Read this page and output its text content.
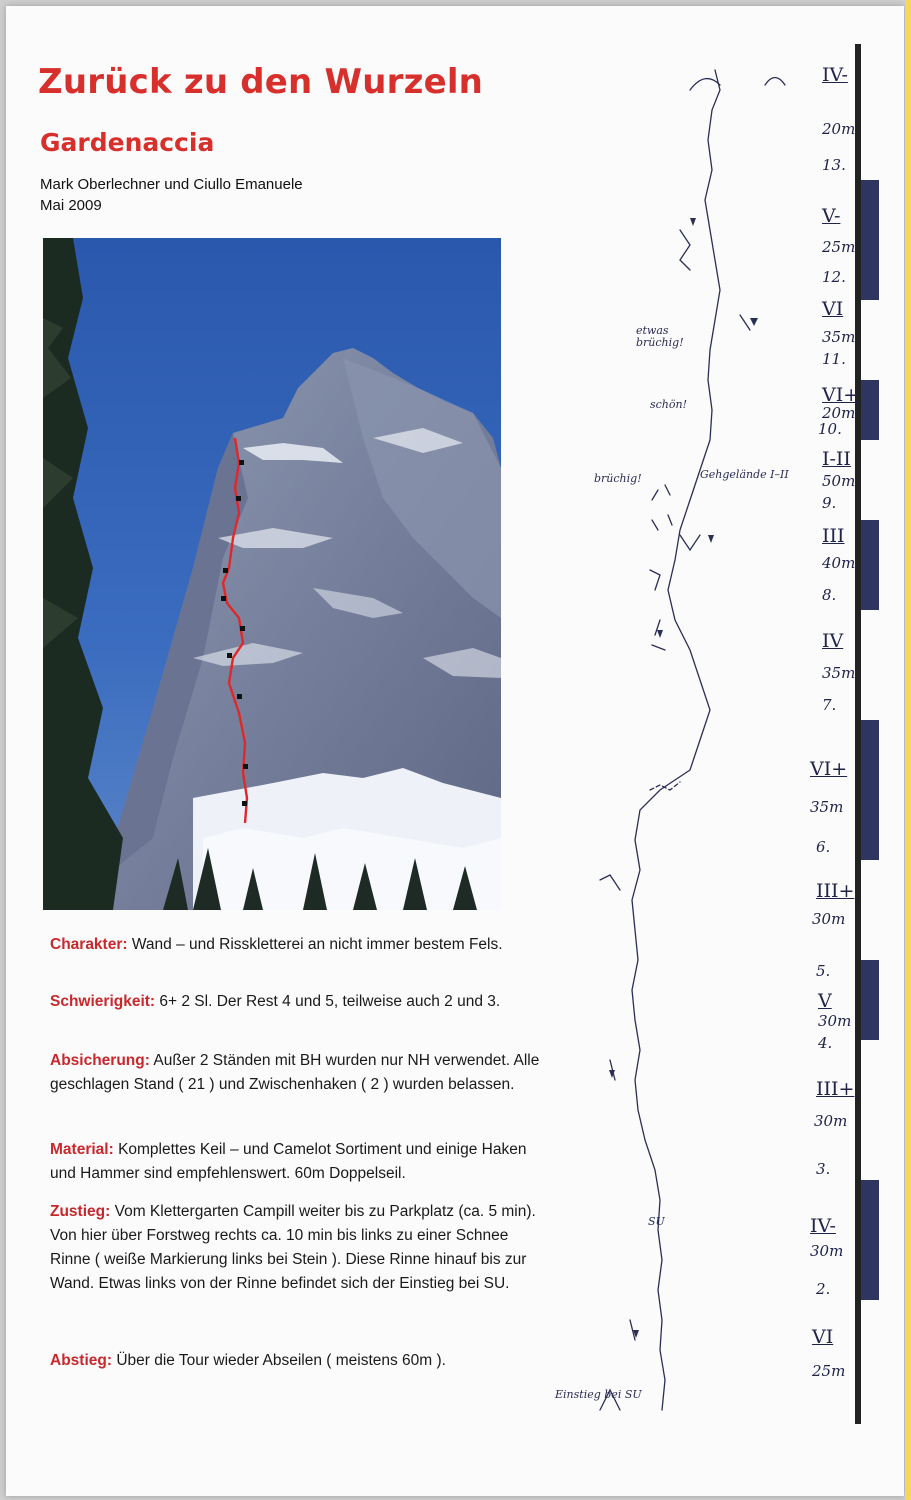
Zurück zu den Wurzeln
Gardenaccia
Mark Oberlechner und Ciullo Emanuele
Mai 2009
Charakter: Wand – und Risskletterei an nicht immer bestem Fels.
Schwierigkeit: 6+ 2 Sl. Der Rest 4 und 5, teilweise auch 2 und 3.
Absicherung: Außer 2 Ständen mit BH wurden nur NH verwendet. Alle geschlagen Stand ( 21 ) und Zwischenhaken ( 2 ) wurden belassen.
Material: Komplettes Keil – und Camelot Sortiment und einige Haken und Hammer sind empfehlenswert. 60m Doppelseil.
Zustieg: Vom Klettergarten Campill weiter bis zu Parkplatz (ca. 5 min). Von hier über Forstweg rechts ca. 10 min bis links zu einer Schnee Rinne ( weiße Markierung links bei Stein ). Diese Rinne hinauf bis zur Wand. Etwas links von der Rinne befindet sich der Einstieg bei SU.
Abstieg: Über die Tour wieder Abseilen ( meistens 60m ).
etwas brüchig!
schön!
brüchig!	Gehgelände I–II
Einstieg bei SU
SU
IV-
20m
13.
V-
25m
12.
VI
35m
11.
VI+
20m
10.
I-II
50m
9.
III
40m
8.
IV
35m
7.
VI+
35m
6.
III+
30m
5.
V
30m
4.
III+
30m
3.
IV-
30m
2.
VI
25m
